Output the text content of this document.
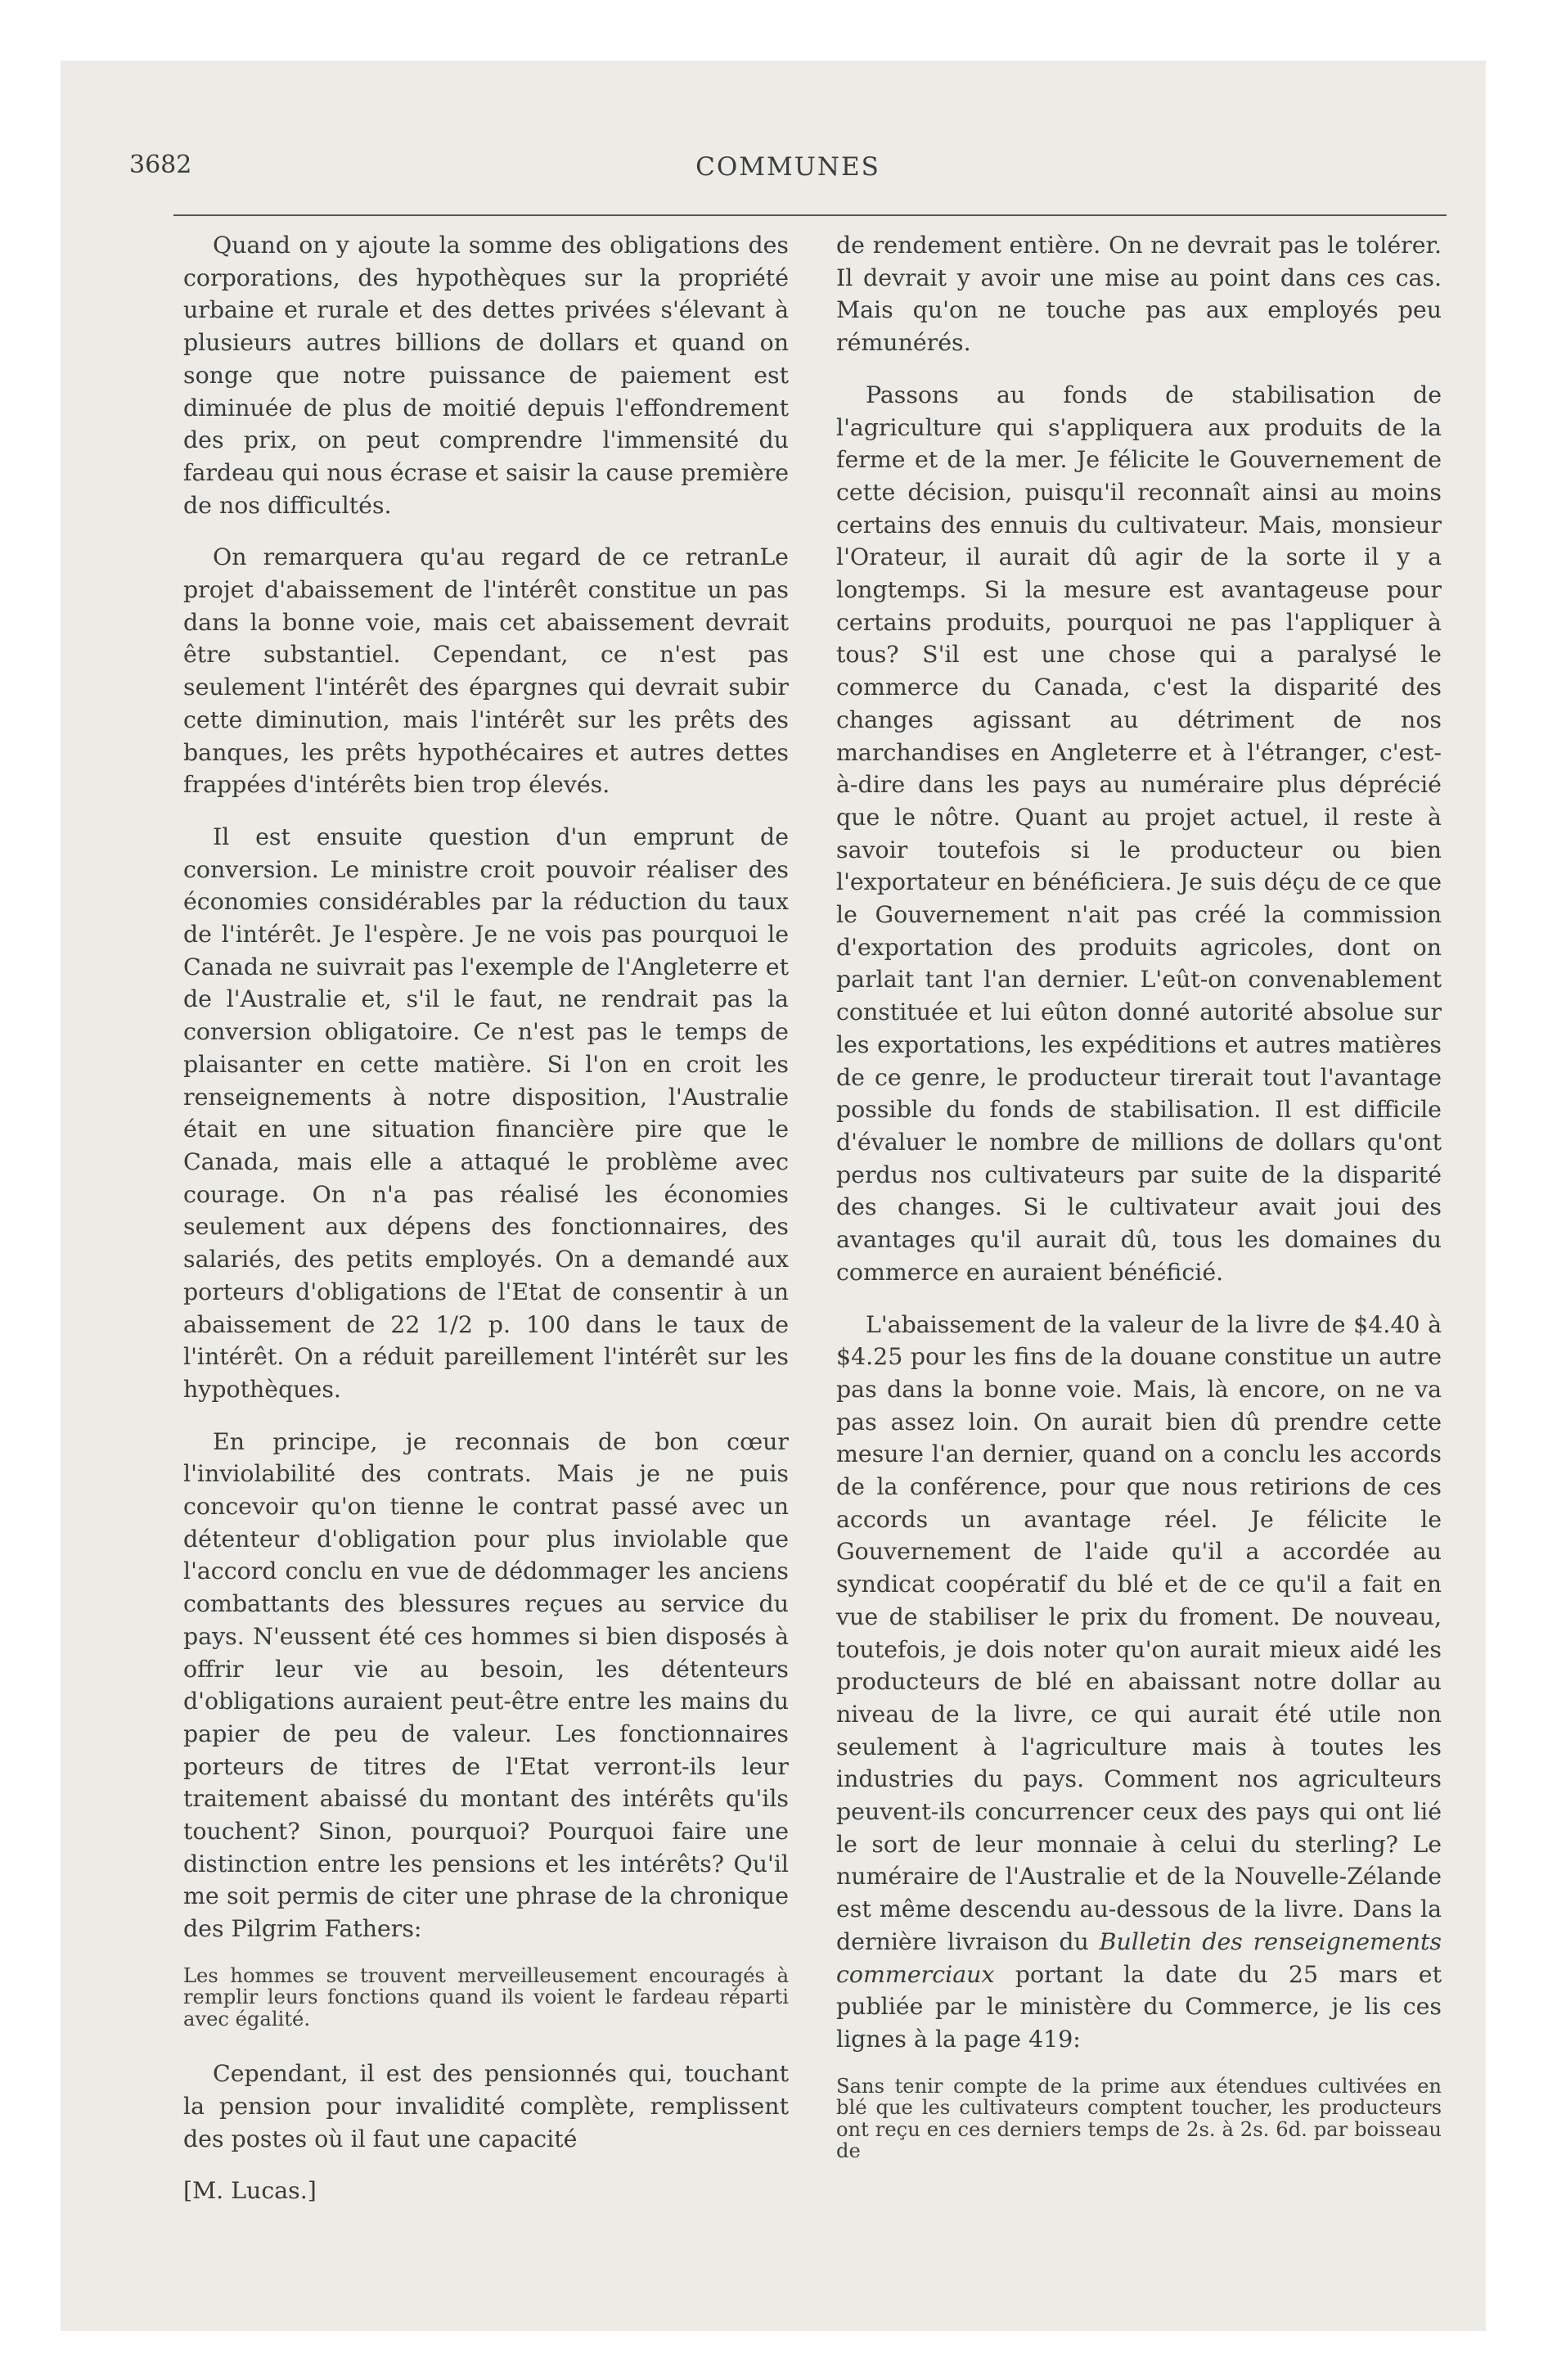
3682	COMMUNES

Quand on y ajoute la somme des obligations des corporations, des hypothèques sur la propriété urbaine et rurale et des dettes privées s'élevant à plusieurs autres billions de dollars et quand on songe que notre puissance de paiement est diminuée de plus de moitié depuis l'effondrement des prix, on peut comprendre l'immensité du fardeau qui nous écrase et saisir la cause première de nos difficultés.

On remarquera qu'au regard de ce retranLe projet d'abaissement de l'intérêt constitue un pas dans la bonne voie, mais cet abaissement devrait être substantiel. Cependant, ce n'est pas seulement l'intérêt des épargnes qui devrait subir cette diminution, mais l'intérêt sur les prêts des banques, les prêts hypothécaires et autres dettes frappées d'intérêts bien trop élevés.

Il est ensuite question d'un emprunt de conversion. Le ministre croit pouvoir réaliser des économies considérables par la réduction du taux de l'intérêt. Je l'espère. Je ne vois pas pourquoi le Canada ne suivrait pas l'exemple de l'Angleterre et de l'Australie et, s'il le faut, ne rendrait pas la conversion obligatoire. Ce n'est pas le temps de plaisanter en cette matière. Si l'on en croit les renseignements à notre disposition, l'Australie était en une situation financière pire que le Canada, mais elle a attaqué le problème avec courage. On n'a pas réalisé les économies seulement aux dépens des fonctionnaires, des salariés, des petits employés. On a demandé aux porteurs d'obligations de l'Etat de consentir à un abaissement de 22 1/2 p. 100 dans le taux de l'intérêt. On a réduit pareillement l'intérêt sur les hypothèques.

En principe, je reconnais de bon cœur l'inviolabilité des contrats. Mais je ne puis concevoir qu'on tienne le contrat passé avec un détenteur d'obligation pour plus inviolable que l'accord conclu en vue de dédommager les anciens combattants des blessures reçues au service du pays. N'eussent été ces hommes si bien disposés à offrir leur vie au besoin, les détenteurs d'obligations auraient peut-être entre les mains du papier de peu de valeur. Les fonctionnaires porteurs de titres de l'Etat verront-ils leur traitement abaissé du montant des intérêts qu'ils touchent? Sinon, pourquoi? Pourquoi faire une distinction entre les pensions et les intérêts? Qu'il me soit permis de citer une phrase de la chronique des Pilgrim Fathers:

Les hommes se trouvent merveilleusement encouragés à remplir leurs fonctions quand ils voient le fardeau réparti avec égalité.

Cependant, il est des pensionnés qui, touchant la pension pour invalidité complète, remplissent des postes où il faut une capacité

[M. Lucas.]

de rendement entière. On ne devrait pas le tolérer. Il devrait y avoir une mise au point dans ces cas. Mais qu'on ne touche pas aux employés peu rémunérés.

Passons au fonds de stabilisation de l'agriculture qui s'appliquera aux produits de la ferme et de la mer. Je félicite le Gouvernement de cette décision, puisqu'il reconnaît ainsi au moins certains des ennuis du cultivateur. Mais, monsieur l'Orateur, il aurait dû agir de la sorte il y a longtemps. Si la mesure est avantageuse pour certains produits, pourquoi ne pas l'appliquer à tous? S'il est une chose qui a paralysé le commerce du Canada, c'est la disparité des changes agissant au détriment de nos marchandises en Angleterre et à l'étranger, c'est-à-dire dans les pays au numéraire plus déprécié que le nôtre. Quant au projet actuel, il reste à savoir toutefois si le producteur ou bien l'exportateur en bénéficiera. Je suis déçu de ce que le Gouvernement n'ait pas créé la commission d'exportation des produits agricoles, dont on parlait tant l'an dernier. L'eût-on convenablement constituée et lui eûton donné autorité absolue sur les exportations, les expéditions et autres matières de ce genre, le producteur tirerait tout l'avantage possible du fonds de stabilisation. Il est difficile d'évaluer le nombre de millions de dollars qu'ont perdus nos cultivateurs par suite de la disparité des changes. Si le cultivateur avait joui des avantages qu'il aurait dû, tous les domaines du commerce en auraient bénéficié.

L'abaissement de la valeur de la livre de $4.40 à $4.25 pour les fins de la douane constitue un autre pas dans la bonne voie. Mais, là encore, on ne va pas assez loin. On aurait bien dû prendre cette mesure l'an dernier, quand on a conclu les accords de la conférence, pour que nous retirions de ces accords un avantage réel. Je félicite le Gouvernement de l'aide qu'il a accordée au syndicat coopératif du blé et de ce qu'il a fait en vue de stabiliser le prix du froment. De nouveau, toutefois, je dois noter qu'on aurait mieux aidé les producteurs de blé en abaissant notre dollar au niveau de la livre, ce qui aurait été utile non seulement à l'agriculture mais à toutes les industries du pays. Comment nos agriculteurs peuvent-ils concurrencer ceux des pays qui ont lié le sort de leur monnaie à celui du sterling? Le numéraire de l'Australie et de la Nouvelle-Zélande est même descendu au-dessous de la livre. Dans la dernière livraison du Bulletin des renseignements commerciaux portant la date du 25 mars et publiée par le ministère du Commerce, je lis ces lignes à la page 419:

Sans tenir compte de la prime aux étendues cultivées en blé que les cultivateurs comptent toucher, les producteurs ont reçu en ces derniers temps de 2s. à 2s. 6d. par boisseau de
